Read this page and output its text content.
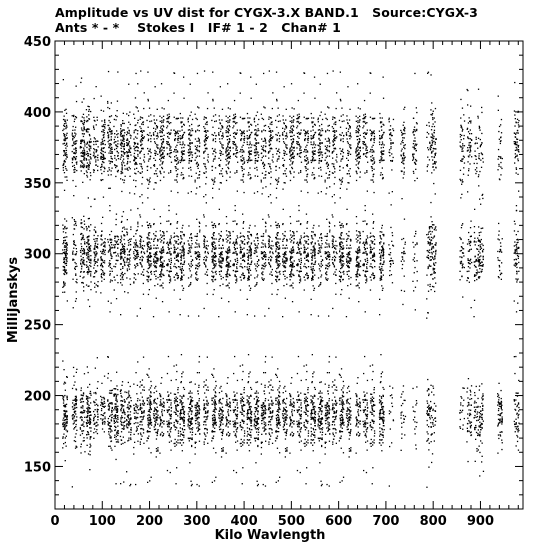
0 100 200 300 400 500 600 700 800 900
150
200
250
300
350
400
450
Amplitude vs UV dist for CYGX-3.X BAND.1   Source:CYGX-3
Ants * - *    Stokes I   IF# 1 - 2   Chan# 1
MilliJanskys
Kilo Wavlength
